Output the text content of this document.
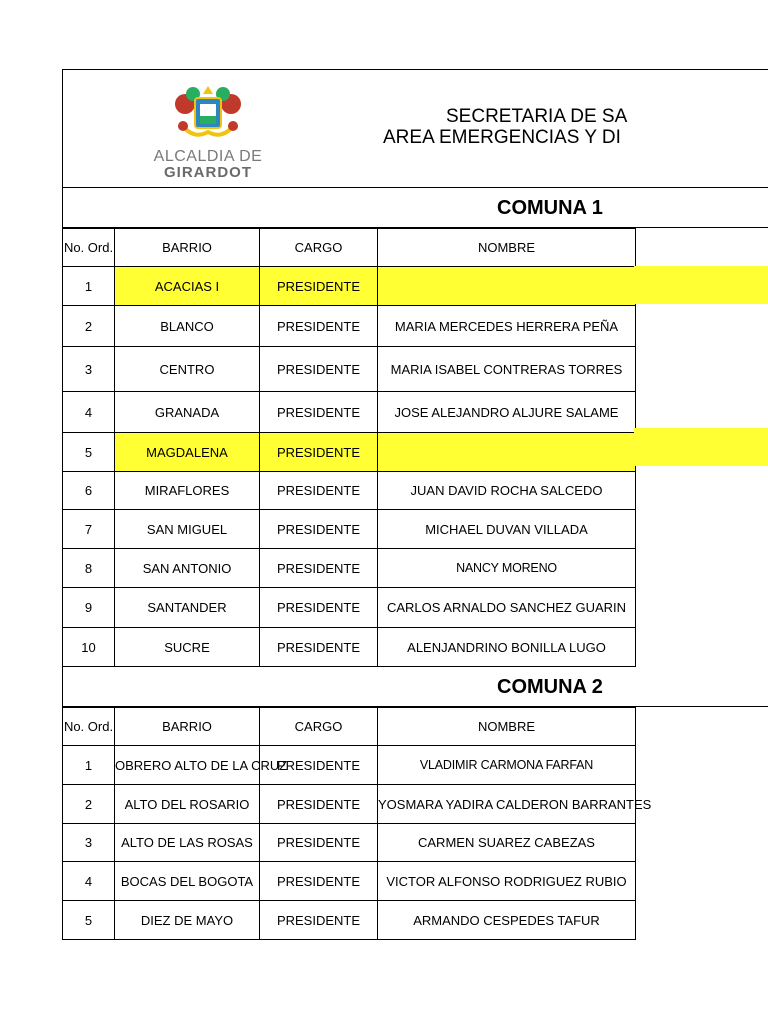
ALCALDIA DE
GIRARDOT
SECRETARIA DE SA
AREA EMERGENCIAS Y DI
COMUNA 1
No. Ord.	BARRIO	CARGO	NOMBRE
1	ACACIAS I	PRESIDENTE	
2	BLANCO	PRESIDENTE	MARIA MERCEDES HERRERA PEÑA
3	CENTRO	PRESIDENTE	MARIA ISABEL CONTRERAS TORRES
4	GRANADA	PRESIDENTE	JOSE ALEJANDRO ALJURE SALAME
5	MAGDALENA	PRESIDENTE	
6	MIRAFLORES	PRESIDENTE	JUAN DAVID ROCHA SALCEDO
7	SAN MIGUEL	PRESIDENTE	MICHAEL DUVAN VILLADA
8	SAN ANTONIO	PRESIDENTE	NANCY MORENO
9	SANTANDER	PRESIDENTE	CARLOS ARNALDO SANCHEZ GUARIN
10	SUCRE	PRESIDENTE	ALENJANDRINO BONILLA LUGO
COMUNA 2
No. Ord.	BARRIO	CARGO	NOMBRE
1	OBRERO ALTO DE LA CRUZ	PRESIDENTE	VLADIMIR CARMONA FARFAN
2	ALTO DEL ROSARIO	PRESIDENTE	YOSMARA YADIRA CALDERON BARRANTES
3	ALTO DE LAS ROSAS	PRESIDENTE	CARMEN SUAREZ CABEZAS
4	BOCAS DEL BOGOTA	PRESIDENTE	VICTOR ALFONSO RODRIGUEZ RUBIO
5	DIEZ DE MAYO	PRESIDENTE	ARMANDO CESPEDES TAFUR
